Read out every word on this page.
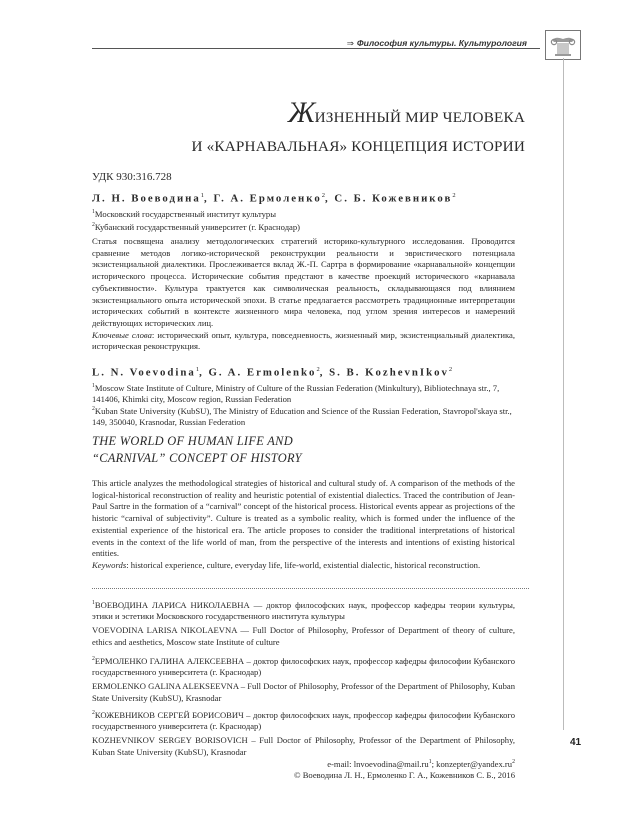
⇒ Философия культуры. Культурология
ЖИЗНЕННЫЙ МИР ЧЕЛОВЕКА
И «КАРНАВАЛЬНАЯ» КОНЦЕПЦИЯ ИСТОРИИ
УДК 930:316.728
Л. Н. Воеводина$^1$, Г. А. Ермоленко$^2$, С. Б. Кожевников$^2$
$^1$Московский государственный институт культуры
$^2$Кубанский государственный университет (г. Краснодар)
Статья посвящена анализу методологических стратегий историко-культурного исследования. Проводится сравнение методов логико-исторической реконструкции реальности и эвристического потенциала экзистенциальной диалектики. Прослеживается вклад Ж.-П. Сартра в формирование «карнавальной» концепции исторического процесса. Исторические события предстают в качестве проекций исторического «карнавала субъективности». Культура трактуется как символическая реальность, складывающаяся под влиянием экзистенциального опыта исторической эпохи. В статье предлагается рассмотреть традиционные интерпретации исторических событий в контексте жизненного мира человека, под углом зрения интересов и намерений действующих исторических лиц.
Ключевые слова: исторический опыт, культура, повседневность, жизненный мир, экзистенциальный диалектика, историческая реконструкция.
L. N. Voevodina$^1$, G. A. Ermolenko$^2$, S. B. KozhevnIkov$^2$
$^1$Moscow State Institute of Culture, Ministry of Culture of the Russian Federation (Minkultury), Bibliotechnaya str., 7, 141406, Khimki city, Moscow region, Russian Federation
$^2$Kuban State University (KubSU), The Ministry of Education and Science of the Russian Federation, Stavropol'skaya str., 149, 350040, Krasnodar, Russian Federation
THE WORLD OF HUMAN LIFE AND
“CARNIVAL” CONCEPT OF HISTORY
This article analyzes the methodological strategies of historical and cultural study of. A comparison of the methods of the logical-historical reconstruction of reality and heuristic potential of existential dialectics. Traced the contribution of Jean-Paul Sartre in the formation of a “carnival” concept of the historical process. Historical events appear as projections of the historic “carnival of subjectivity”. Culture is treated as a symbolic reality, which is formed under the influence of the existential experience of the historical era. The article proposes to consider the traditional interpretations of historical events in the context of the life world of man, from the perspective of the interests and intentions of existing historical entities.
Keywords: historical experience, culture, everyday life, life-world, existential dialectic, historical reconstruction.
$^1$ВОЕВОДИНА ЛАРИСА НИКОЛАЕВНА — доктор философских наук, профессор кафедры теории культуры, этики и эстетики Московского государственного института культуры
VOEVODINA LARISA NIKOLAEVNA — Full Doctor of Philosophy, Professor of Department of theory of culture, ethics and aesthetics, Moscow state Institute of culture
$^2$ЕРМОЛЕНКО ГАЛИНА АЛЕКСЕЕВНА – доктор философских наук, профессор кафедры философии Кубанского государственного университета (г. Краснодар)
ERMOLENKO GALINA ALEKSEEVNA – Full Doctor of Philosophy, Professor of the Department of Philosophy, Kuban State University (KubSU), Krasnodar
$^2$КОЖЕВНИКОВ СЕРГЕЙ БОРИСОВИЧ – доктор философских наук, профессор кафедры философии Кубанского государственного университета (г. Краснодар)
KOZHEVNIKOV SERGEY BORISOVICH – Full Doctor of Philosophy, Professor of the Department of Philosophy, Kuban State University (KubSU), Krasnodar
e-mail: $lnvoevodina@mail.ru^1$; $konzepter@yandex.ru^2$
© Воеводина Л. Н., Ермоленко Г. А., Кожевников С. Б., 2016
41
